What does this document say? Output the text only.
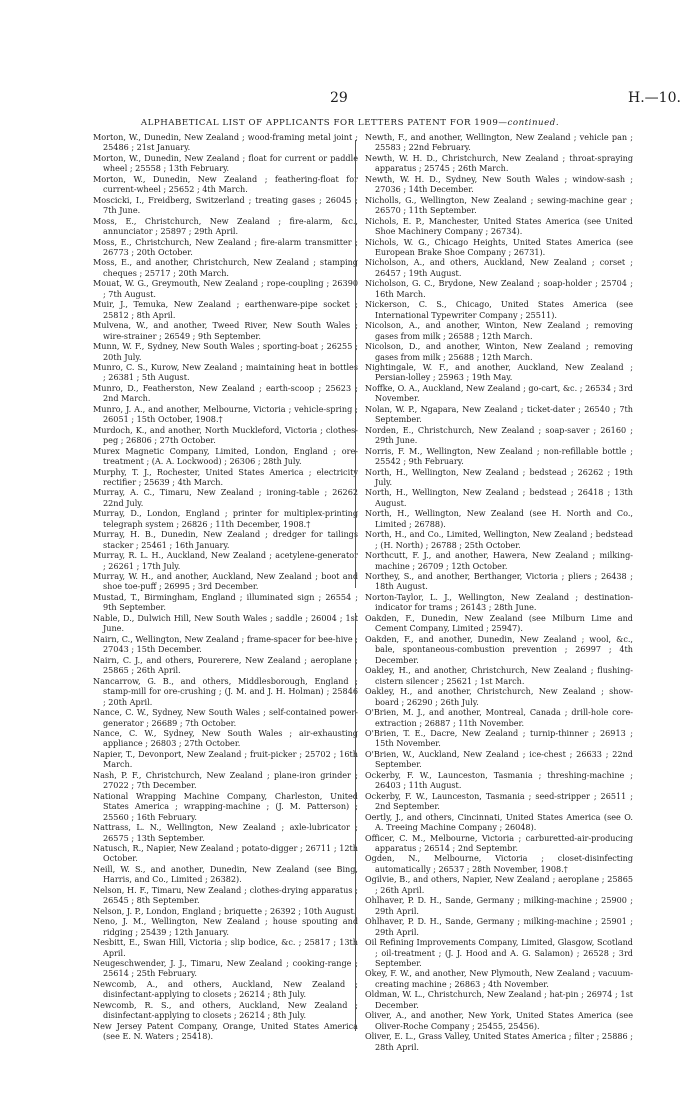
29	H.—10.
ALPHABETICAL LIST OF APPLICANTS FOR LETTERS PATENT FOR 1909—continued.
Morton, W., Dunedin, New Zealand ; wood-framing metal joint ; 25486 ; 21st January.
Morton, W., Dunedin, New Zealand ; float for current or paddle wheel ; 25558 ; 13th February.
Morton, W., Dunedin, New Zealand ; feathering-float for current-wheel ; 25652 ; 4th March.
Moscicki, I., Freidberg, Switzerland ; treating gases ; 26045 ; 7th June.
Moss, E., Christchurch, New Zealand ; fire-alarm, &c., annunciator ; 25897 ; 29th April.
Moss, E., Christchurch, New Zealand ; fire-alarm transmitter ; 26773 ; 20th October.
Moss, E., and another, Christchurch, New Zealand ; stamping cheques ; 25717 ; 20th March.
Mouat, W. G., Greymouth, New Zealand ; rope-coupling ; 26390 ; 7th August.
Muir, J., Temuka, New Zealand ; earthenware-pipe socket ; 25812 ; 8th April.
Mulvena, W., and another, Tweed River, New South Wales ; wire-strainer ; 26549 ; 9th September.
Munn, W. F., Sydney, New South Wales ; sporting-boat ; 26255 ; 20th July.
Munro, C. S., Kurow, New Zealand ; maintaining heat in bottles ; 26381 ; 5th August.
Munro, D., Featherston, New Zealand ; earth-scoop ; 25623 ; 2nd March.
Munro, J. A., and another, Melbourne, Victoria ; vehicle-spring ; 26051 ; 15th October, 1908.†
Murdoch, K., and another, North Muckleford, Victoria ; clothes-peg ; 26806 ; 27th October.
Murex Magnetic Company, Limited, London, England ; ore-treatment ; (A. A. Lockwood) ; 26306 ; 28th July.
Murphy, T. J., Rochester, United States America ; electricity rectifier ; 25639 ; 4th March.
Murray, A. C., Timaru, New Zealand ; ironing-table ; 26262 22nd July.
Murray, D., London, England ; printer for multiplex-printing telegraph system ; 26826 ; 11th December, 1908.†
Murray, H. B., Dunedin, New Zealand ; dredger for tailings stacker ; 25461 ; 16th January.
Murray, R. L. H., Auckland, New Zealand ; acetylene-generator ; 26261 ; 17th July.
Murray, W. H., and another, Auckland, New Zealand ; boot and shoe toe-puff ; 26995 ; 3rd December.
Mustad, T., Birmingham, England ; illuminated sign ; 26554 ; 9th September.
Newth, F., and another, Wellington, New Zealand ; vehicle pan ; 25583 ; 22nd February.
Newth, W. H. D., Christchurch, New Zealand ; throat-spraying apparatus ; 25745 ; 26th March.
Newth, W. H. D., Sydney, New South Wales ; window-sash ; 27036 ; 14th December.
Nicholls, G., Wellington, New Zealand ; sewing-machine gear ; 26570 ; 11th September.
Nichols, E. P., Manchester, United States America (see United Shoe Machinery Company ; 26734).
Nichols, W. G., Chicago Heights, United States America (see European Brake Shoe Company ; 26731).
Nicholson, A., and others, Auckland, New Zealand ; corset ; 26457 ; 19th August.
Nicholson, G. C., Brydone, New Zealand ; soap-holder ; 25704 ; 16th March.
Nickerson, C. S., Chicago, United States America (see International Typewriter Company ; 25511).
Nicolson, A., and another, Winton, New Zealand ; removing gases from milk ; 26588 ; 12th March.
Nicolson, D., and another, Winton, New Zealand ; removing gases from milk ; 25688 ; 12th March.
Nightingale, W. F., and another, Auckland, New Zealand ; Persian-lolley ; 25963 ; 19th May.
Noffke, O. A., Auckland, New Zealand ; go-cart, &c. ; 26534 ; 3rd November.
Nolan, W. P., Ngapara, New Zealand ; ticket-dater ; 26540 ; 7th September.
Norden, E., Christchurch, New Zealand ; soap-saver ; 26160 ; 29th June.
Norris, F. M., Wellington, New Zealand ; non-refillable bottle ; 25542 ; 9th February.
North, H., Wellington, New Zealand ; bedstead ; 26262 ; 19th July.
North, H., Wellington, New Zealand ; bedstead ; 26418 ; 13th August.
North, H., Wellington, New Zealand (see H. North and Co., Limited ; 26788).
North, H., and Co., Limited, Wellington, New Zealand ; bedstead ; (H. North) ; 26788 ; 25th October.
Northcutt, F. J., and another, Hawera, New Zealand ; milking-machine ; 26709 ; 12th October.
Northey, S., and another, Berthanger, Victoria ; pliers ; 26438 ; 18th August.
Norton-Taylor, L. J., Wellington, New Zealand ; destination-indicator for trams ; 26143 ; 28th June.
Nable, D., Dulwich Hill, New South Wales ; saddle ; 26004 ; 1st June.
Nairn, C., Wellington, New Zealand ; frame-spacer for bee-hive ; 27043 ; 15th December.
Nairn, C. J., and others, Pourerere, New Zealand ; aeroplane ; 25865 ; 26th April.
Nancarrow, G. B., and others, Middlesborough, England ; stamp-mill for ore-crushing ; (J. M. and J. H. Holman) ; 25846 ; 20th April.
Nance, C. W., Sydney, New South Wales ; self-contained power-generator ; 26689 ; 7th October.
Nance, C. W., Sydney, New South Wales ; air-exhausting appliance ; 26803 ; 27th October.
Napier, T., Devonport, New Zealand ; fruit-picker ; 25702 ; 16th March.
Nash, P. F., Christchurch, New Zealand ; plane-iron grinder ; 27022 ; 7th December.
National Wrapping Machine Company, Charleston, United States America ; wrapping-machine ; (J. M. Patterson) ; 25560 ; 16th February.
Nattrass, L. N., Wellington, New Zealand ; axle-lubricator ; 26575 ; 13th September.
Natusch, R., Napier, New Zealand ; potato-digger ; 26711 ; 12th October.
Neill, W. S., and another, Dunedin, New Zealand (see Bing, Harris, and Co., Limited ; 26382).
Nelson, H. F., Timaru, New Zealand ; clothes-drying apparatus ; 26545 ; 8th September.
Nelson, J. P., London, England ; briquette ; 26392 ; 10th August.
Neno, J. M., Wellington, New Zealand ; house spouting and ridging ; 25439 ; 12th January.
Nesbitt, E., Swan Hill, Victoria ; slip bodice, &c. ; 25817 ; 13th April.
Neugeschwender, J. J., Timaru, New Zealand ; cooking-range ; 25614 ; 25th February.
Newcomb, A., and others, Auckland, New Zealand ; disinfectant-applying to closets ; 26214 ; 8th July.
Newcomb, R. S., and others, Auckland, New Zealand ; disinfectant-applying to closets ; 26214 ; 8th July.
New Jersey Patent Company, Orange, United States America (see E. N. Waters ; 25418).
Oakden, F., Dunedin, New Zealand (see Milburn Lime and Cement Company, Limited ; 25947).
Oakden, F., and another, Dunedin, New Zealand ; wool, &c., bale, spontaneous-combustion prevention ; 26997 ; 4th December.
Oakley, H., and another, Christchurch, New Zealand ; flushing-cistern silencer ; 25621 ; 1st March.
Oakley, H., and another, Christchurch, New Zealand ; show-board ; 26290 ; 26th July.
O'Brien, M. J., and another, Montreal, Canada ; drill-hole core-extraction ; 26887 ; 11th November.
O'Brien, T. E., Dacre, New Zealand ; turnip-thinner ; 26913 ; 15th November.
O'Brien, W., Auckland, New Zealand ; ice-chest ; 26633 ; 22nd September.
Ockerby, F. W., Launceston, Tasmania ; threshing-machine ; 26403 ; 11th August.
Ockerby, F. W., Launceston, Tasmania ; seed-stripper ; 26511 ; 2nd September.
Oertly, J., and others, Cincinnati, United States America (see O. A. Treeing Machine Company ; 26048).
Officer, C. M., Melbourne, Victoria ; carburetted-air-producing apparatus ; 26514 ; 2nd Septembr.
Ogden, N., Melbourne, Victoria ; closet-disinfecting automatically ; 26537 ; 28th November, 1908.†
Ogilvie, B., and others, Napier, New Zealand ; aeroplane ; 25865 ; 26th April.
Ohlhaver, P. D. H., Sande, Germany ; milking-machine ; 25900 ; 29th April.
Ohlhaver, P. D. H., Sande, Germany ; milking-machine ; 25901 ; 29th April.
Oil Refining Improvements Company, Limited, Glasgow, Scotland ; oil-treatment ; (J. J. Hood and A. G. Salamon) ; 26528 ; 3rd September.
Okey, F. W., and another, New Plymouth, New Zealand ; vacuum-creating machine ; 26863 ; 4th November.
Oldman, W. L., Christchurch, New Zealand ; hat-pin ; 26974 ; 1st December.
Oliver, A., and another, New York, United States America (see Oliver-Roche Company ; 25455, 25456).
Oliver, E. L., Grass Valley, United States America ; filter ; 25886 ; 28th April.
